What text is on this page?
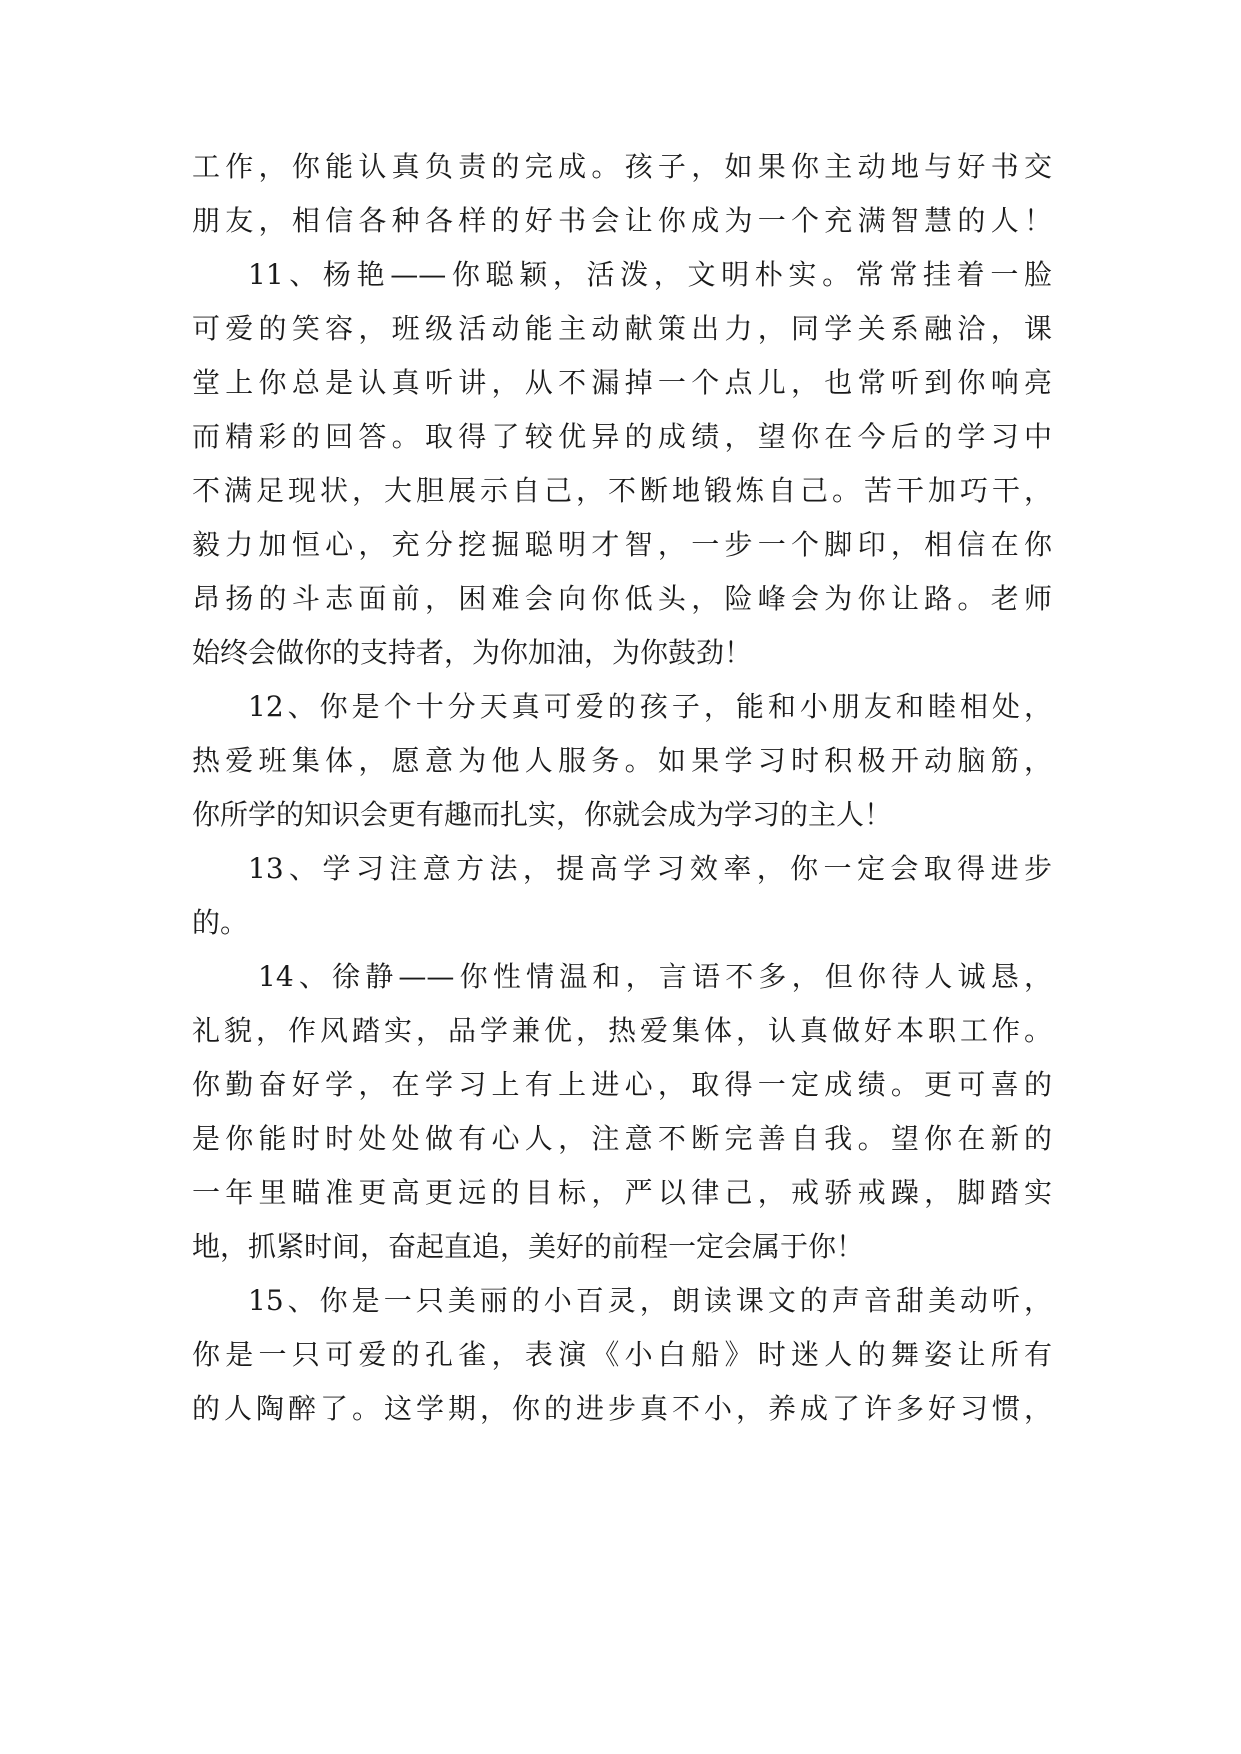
工作，你能认真负责的完成。孩子，如果你主动地与好书交

朋友，相信各种各样的好书会让你成为一个充满智慧的人！

11、杨艳——你聪颖，活泼，文明朴实。常常挂着一脸

可爱的笑容，班级活动能主动献策出力，同学关系融洽，课

堂上你总是认真听讲，从不漏掉一个点儿，也常听到你响亮

而精彩的回答。取得了较优异的成绩，望你在今后的学习中

不满足现状，大胆展示自己，不断地锻炼自己。苦干加巧干，

毅力加恒心，充分挖掘聪明才智，一步一个脚印，相信在你

昂扬的斗志面前，困难会向你低头，险峰会为你让路。老师

始终会做你的支持者，为你加油，为你鼓劲！

12、你是个十分天真可爱的孩子，能和小朋友和睦相处，

热爱班集体，愿意为他人服务。如果学习时积极开动脑筋，

你所学的知识会更有趣而扎实，你就会成为学习的主人！

13、学习注意方法，提高学习效率，你一定会取得进步

的。

14、徐静——你性情温和，言语不多，但你待人诚恳，

礼貌，作风踏实，品学兼优，热爱集体，认真做好本职工作。

你勤奋好学，在学习上有上进心，取得一定成绩。更可喜的

是你能时时处处做有心人，注意不断完善自我。望你在新的

一年里瞄准更高更远的目标，严以律己，戒骄戒躁，脚踏实

地，抓紧时间，奋起直追，美好的前程一定会属于你！

15、你是一只美丽的小百灵，朗读课文的声音甜美动听，

你是一只可爱的孔雀，表演《小白船》时迷人的舞姿让所有

的人陶醉了。这学期，你的进步真不小，养成了许多好习惯，
